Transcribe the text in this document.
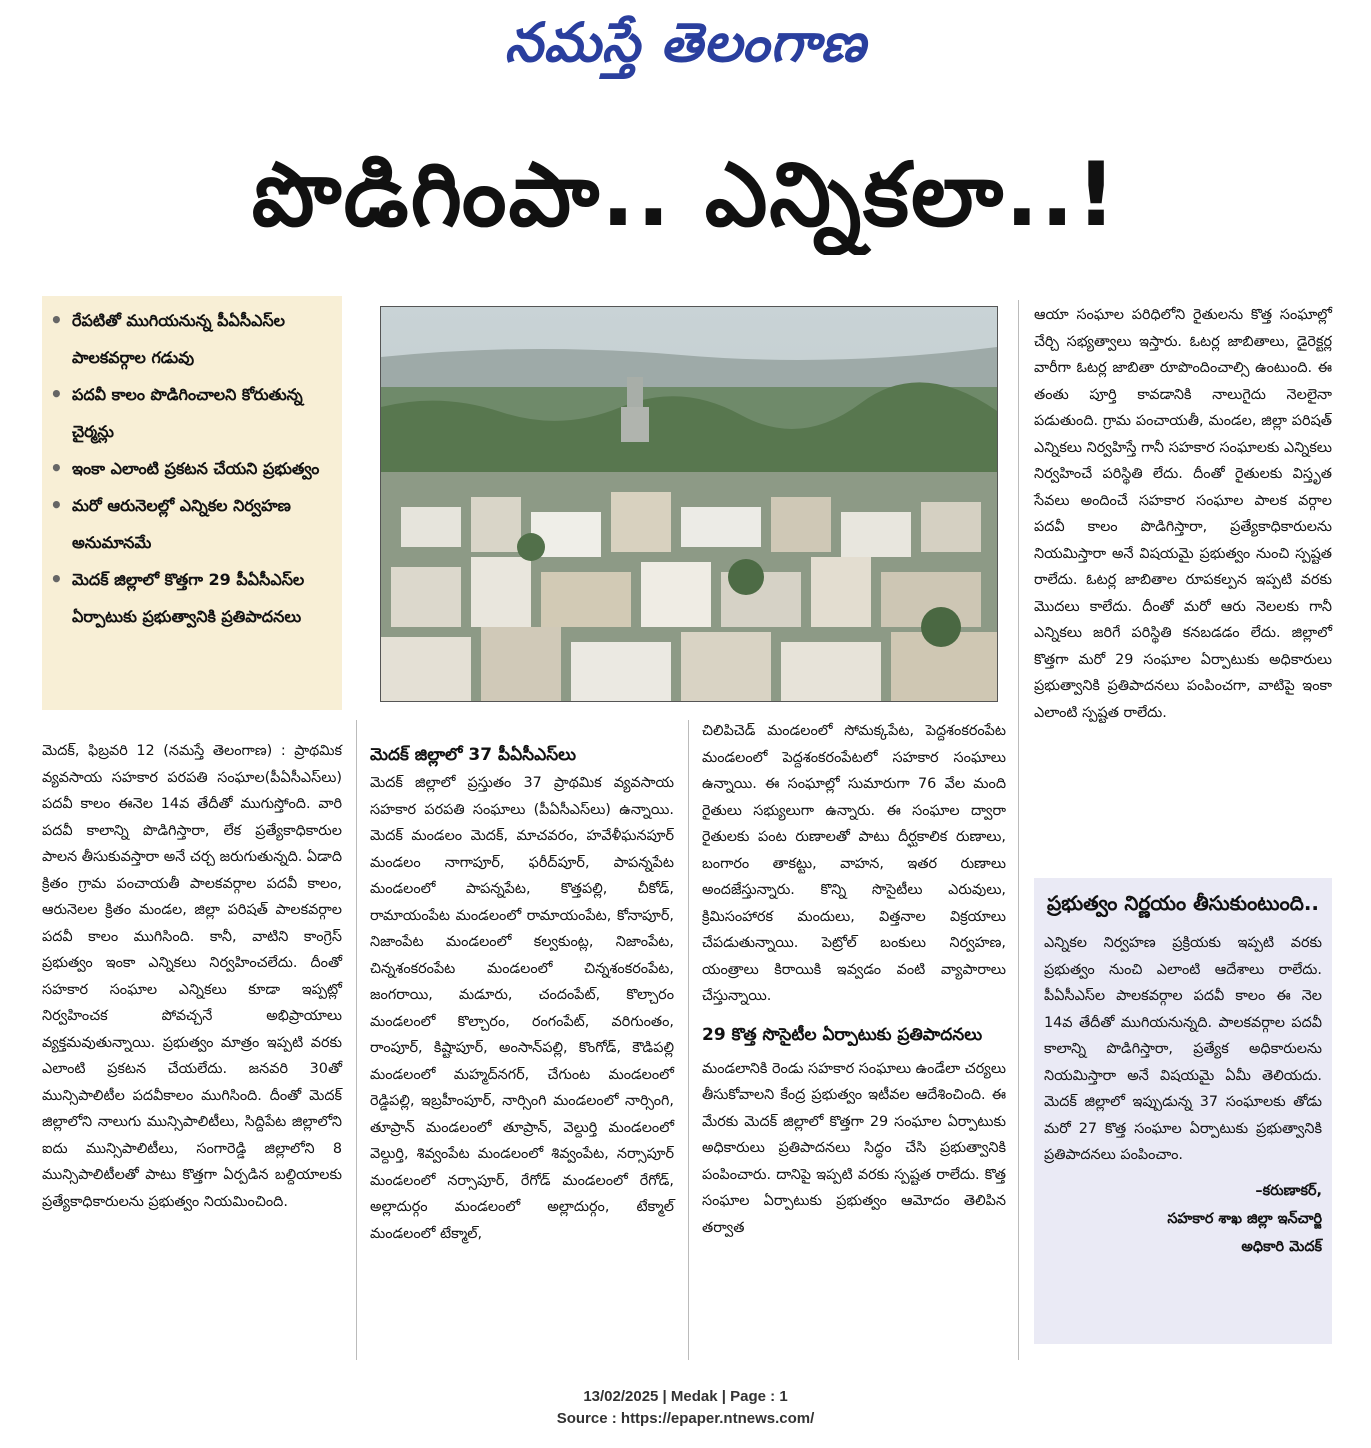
నమస్తే తెలంగాణ
పొడిగింపా.. ఎన్నికలా..!
• రేపటితో ముగియనున్న పీఏసీఎస్‌ల పాలకవర్గాల గడువు
• పదవీ కాలం పొడిగించాలని కోరుతున్న చైర్మన్లు
• ఇంకా ఎలాంటి ప్రకటన చేయని ప్రభుత్వం
• మరో ఆరునెలల్లో ఎన్నికల నిర్వహణ అనుమానమే
• మెదక్‌ జిల్లాలో కొత్తగా 29 పీఏసీఎస్‌ల ఏర్పాటుకు ప్రభుత్వానికి ప్రతిపాదనలు

మెదక్‌, ఫిబ్రవరి 12 (నమస్తే తెలంగాణ) : ప్రాథమిక వ్యవసాయ సహకార పరపతి సంఘాల(పీఏసీఎస్‌లు) పదవీ కాలం ఈనెల 14వ తేదీతో ముగుస్తోంది. వారి పదవీ కాలాన్ని పొడిగిస్తారా, లేక ప్రత్యేకాధికారుల పాలన తీసుకువస్తారా అనే చర్చ జరుగుతున్నది. ఏడాది క్రితం గ్రామ పంచాయతీ పాలకవర్గాల పదవీ కాలం, ఆరునెలల క్రితం మండల, జిల్లా పరిషత్‌ పాలకవర్గాల పదవీ కాలం ముగిసింది. కానీ, వాటిని కాంగ్రెస్‌ ప్రభుత్వం ఇంకా ఎన్నికలు నిర్వహించలేదు. దీంతో సహకార సంఘాల ఎన్నికలు కూడా ఇప్పట్లో నిర్వహించక పోవచ్చనే అభిప్రాయాలు వ్యక్తమవుతున్నాయి. ప్రభుత్వం మాత్రం ఇప్పటి వరకు ఎలాంటి ప్రకటన చేయలేదు. జనవరి 30తో మున్సిపాలిటీల పదవీకాలం ముగిసింది. దీంతో మెదక్‌ జిల్లాలోని నాలుగు మున్సిపాలిటీలు, సిద్దిపేట జిల్లాలోని ఐదు మున్సిపాలిటీలు, సంగారెడ్డి జిల్లాలోని 8 మున్సిపాలిటీలతో పాటు కొత్తగా ఏర్పడిన బల్దియాలకు ప్రత్యేకాధికారులను ప్రభుత్వం నియమించింది.

మెదక్‌ జిల్లాలో 37 పీఏసీఎస్‌లు

మెదక్‌ జిల్లాలో ప్రస్తుతం 37 ప్రాథమిక వ్యవసాయ సహకార పరపతి సంఘాలు (పీఏసీఎస్‌లు) ఉన్నాయి. మెదక్‌ మండలం మెదక్‌, మాచవరం, హవేళీఘనపూర్‌ మండలం నాగాపూర్‌, ఫరీద్‌పూర్‌, పాపన్నపేట మండలంలో పాపన్నపేట, కొత్తపల్లి, చీకోడ్‌, రామాయంపేట మండలంలో రామాయంపేట, కోనాపూర్‌, నిజాంపేట మండలంలో కల్వకుంట్ల, నిజాంపేట, చిన్నశంకరంపేట మండలంలో చిన్నశంకరంపేట, జంగరాయి, మడూరు, చందంపేట్‌, కొల్చారం మండలంలో కొల్చారం, రంగంపేట్‌, వరిగుంతం, రాంపూర్‌, కిష్టాపూర్‌, అంసాన్‌పల్లి, కొంగోడ్‌, కౌడిపల్లి మండలంలో మహ్మద్‌నగర్‌, చేగుంట మండలంలో రెడ్డిపల్లి, ఇబ్రహీంపూర్‌, నార్సింగి మండలంలో నార్సింగి, తూప్రాన్‌ మండలంలో తూప్రాన్‌, వెల్దుర్తి మండలంలో వెల్దుర్తి, శివ్వంపేట మండలంలో శివ్వంపేట, నర్సాపూర్‌ మండలంలో నర్సాపూర్‌, రేగోడ్‌ మండలంలో రేగోడ్‌, అల్లాదుర్గం మండలంలో అల్లాదుర్గం, టేక్మాల్‌ మండలంలో టేక్మాల్‌,

చిలిపిచెడ్‌ మండలంలో సోమక్కపేట, పెద్దశంకరంపేట మండలంలో పెద్దశంకరంపేటలో సహకార సంఘాలు ఉన్నాయి. ఈ సంఘాల్లో సుమారుగా 76 వేల మంది రైతులు సభ్యులుగా ఉన్నారు. ఈ సంఘాల ద్వారా రైతులకు పంట రుణాలతో పాటు దీర్ఘకాలిక రుణాలు, బంగారం తాకట్టు, వాహన, ఇతర రుణాలు అందజేస్తున్నారు. కొన్ని సొసైటీలు ఎరువులు, క్రిమిసంహారక మందులు, విత్తనాల విక్రయాలు చేపడుతున్నాయి. పెట్రోల్‌ బంకులు నిర్వహణ, యంత్రాలు కిరాయికి ఇవ్వడం వంటి వ్యాపారాలు చేస్తున్నాయి.

29 కొత్త సొసైటీల ఏర్పాటుకు ప్రతిపాదనలు

మండలానికి రెండు సహకార సంఘాలు ఉండేలా చర్యలు తీసుకోవాలని కేంద్ర ప్రభుత్వం ఇటీవల ఆదేశించింది. ఈ మేరకు మెదక్‌ జిల్లాలో కొత్తగా 29 సంఘాల ఏర్పాటుకు అధికారులు ప్రతిపాదనలు సిద్ధం చేసి ప్రభుత్వానికి పంపించారు. దానిపై ఇప్పటి వరకు స్పష్టత రాలేదు. కొత్త సంఘాల ఏర్పాటుకు ప్రభుత్వం ఆమోదం తెలిపిన తర్వాత

ఆయా సంఘాల పరిధిలోని రైతులను కొత్త సంఘాల్లో చేర్చి సభ్యత్వాలు ఇస్తారు. ఓటర్ల జాబితాలు, డైరెక్టర్ల వారీగా ఓటర్ల జాబితా రూపొందించాల్సి ఉంటుంది. ఈ తంతు పూర్తి కావడానికి నాలుగైదు నెలలైనా పడుతుంది. గ్రామ పంచాయతీ, మండల, జిల్లా పరిషత్‌ ఎన్నికలు నిర్వహిస్తే గానీ సహకార సంఘాలకు ఎన్నికలు నిర్వహించే పరిస్థితి లేదు. దీంతో రైతులకు విస్తృత సేవలు అందించే సహకార సంఘాల పాలక వర్గాల పదవీ కాలం పొడిగిస్తారా, ప్రత్యేకాధికారులను నియమిస్తారా అనే విషయమై ప్రభుత్వం నుంచి స్పష్టత రాలేదు. ఓటర్ల జాబితాల రూపకల్పన ఇప్పటి వరకు మొదలు కాలేదు. దీంతో మరో ఆరు నెలలకు గానీ ఎన్నికలు జరిగే పరిస్థితి కనబడడం లేదు. జిల్లాలో కొత్తగా మరో 29 సంఘాల ఏర్పాటుకు అధికారులు ప్రభుత్వానికి ప్రతిపాదనలు పంపించగా, వాటిపై ఇంకా ఎలాంటి స్పష్టత రాలేదు.

ప్రభుత్వం నిర్ణయం తీసుకుంటుంది..
ఎన్నికల నిర్వహణ ప్రక్రియకు ఇప్పటి వరకు ప్రభుత్వం నుంచి ఎలాంటి ఆదేశాలు రాలేదు. పీఏసీఎస్‌ల పాలకవర్గాల పదవీ కాలం ఈ నెల 14వ తేదీతో ముగియనున్నది. పాలకవర్గాల పదవీ కాలాన్ని పొడిగిస్తారా, ప్రత్యేక అధికారులను నియమిస్తారా అనే విషయమై ఏమీ తెలియదు. మెదక్‌ జిల్లాలో ఇప్పుడున్న 37 సంఘాలకు తోడు మరో 27 కొత్త సంఘాల ఏర్పాటుకు ప్రభుత్వానికి ప్రతిపాదనలు పంపించాం.
–కరుణాకర్‌,
సహకార శాఖ జిల్లా ఇన్‌చార్జి
అధికారి మెదక్‌
13/02/2025 | Medak | Page : 1
Source : https://epaper.ntnews.com/
